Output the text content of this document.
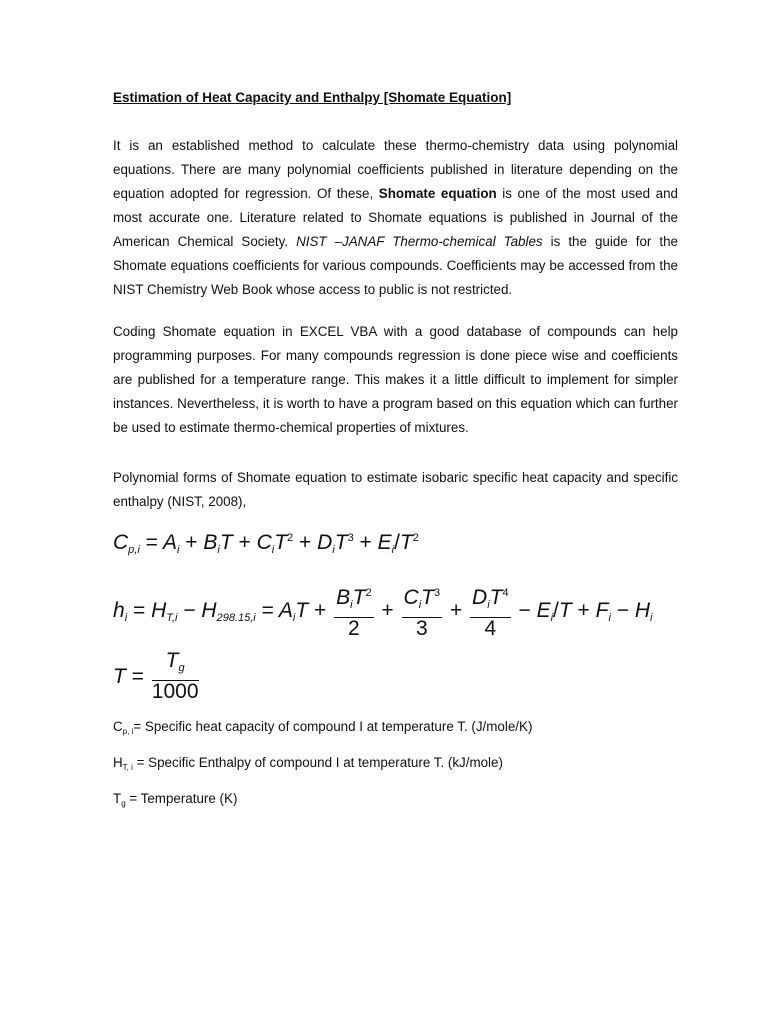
Estimation of Heat Capacity and Enthalpy [Shomate Equation]

It is an established method to calculate these thermo-chemistry data using polynomial equations. There are many polynomial coefficients published in literature depending on the equation adopted for regression. Of these, Shomate equation is one of the most used and most accurate one. Literature related to Shomate equations is published in Journal of the American Chemical Society. NIST –JANAF Thermo-chemical Tables is the guide for the Shomate equations coefficients for various compounds. Coefficients may be accessed from the NIST Chemistry Web Book whose access to public is not restricted.

Coding Shomate equation in EXCEL VBA with a good database of compounds can help programming purposes. For many compounds regression is done piece wise and coefficients are published for a temperature range. This makes it a little difficult to implement for simpler instances. Nevertheless, it is worth to have a program based on this equation which can further be used to estimate thermo-chemical properties of mixtures.

Polynomial forms of Shomate equation to estimate isobaric specific heat capacity and specific enthalpy (NIST, 2008),

$C_{p,i} = A_i + B_iT + C_iT^2 + D_iT^3 + E_i/T^2$
$h_i = H_{T,i} - H_{298.15,i} = A_iT + \frac{B_iT^2}{2} + \frac{C_iT^3}{3} + \frac{D_iT^4}{4} - E_i/T + F_i - H_i$
$T = \frac{T_g}{1000}$
$C_{p, i}=$ Specific heat capacity of compound I at temperature T. (J/mole/K)
$H_{T, i}$ = Specific Enthalpy of compound I at temperature T. (kJ/mole)
$T_g$ = Temperature (K)
